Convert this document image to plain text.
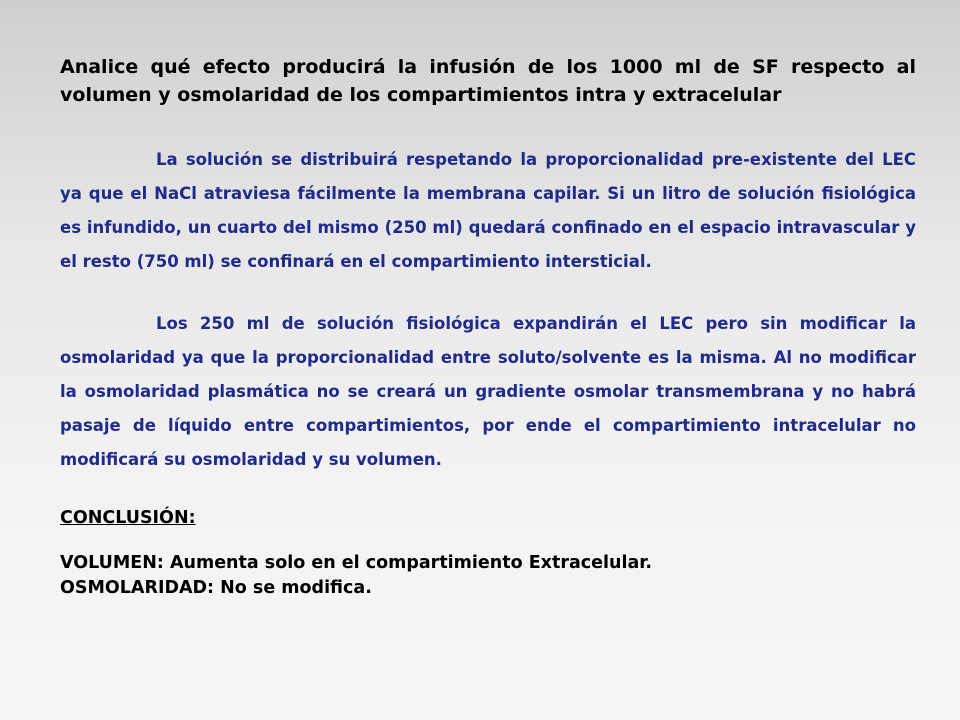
Analice qué efecto producirá la infusión de los 1000 ml de SF respecto al volumen y osmolaridad de los compartimientos intra y extracelular

La solución se distribuirá respetando la proporcionalidad pre-existente del LEC ya que el NaCl atraviesa fácilmente la membrana capilar. Si un litro de solución fisiológica es infundido, un cuarto del mismo (250 ml) quedará confinado en el espacio intravascular y el resto (750 ml) se confinará en el compartimiento intersticial.

Los 250 ml de solución fisiológica expandirán el LEC pero sin modificar la osmolaridad ya que la proporcionalidad entre soluto/solvente es la misma. Al no modificar la osmolaridad plasmática no se creará un gradiente osmolar transmembrana y no habrá pasaje de líquido entre compartimientos, por ende el compartimiento intracelular no modificará su osmolaridad y su volumen.

CONCLUSIÓN:

VOLUMEN: Aumenta solo en el compartimiento Extracelular.
OSMOLARIDAD: No se modifica.
